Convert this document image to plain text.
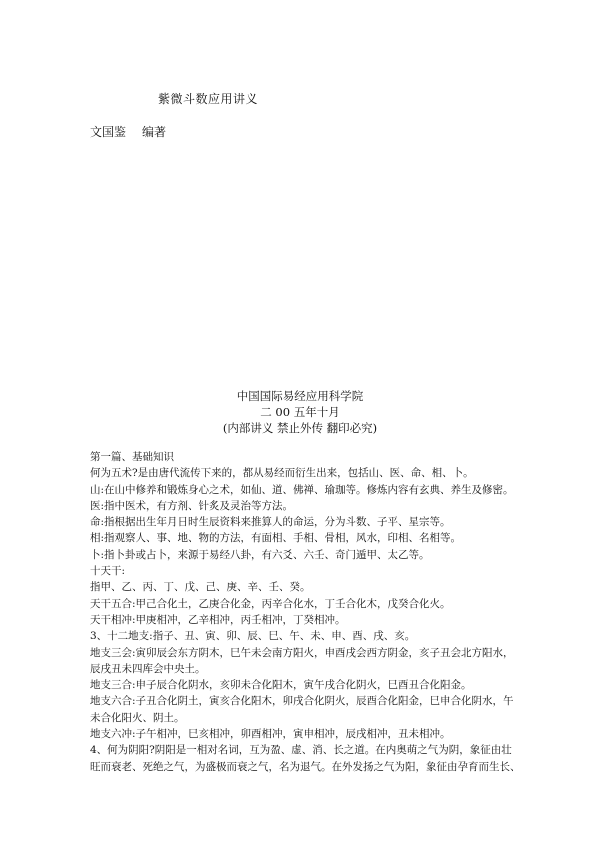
紫微斗数应用讲义
文国鉴 编著
中国国际易经应用科学院
二 00 五年十月
(内部讲义 禁止外传 翻印必究)
第一篇、基础知识
何为五术?是由唐代流传下来的，都从易经而衍生出来，包括山、医、命、相、卜。
山:在山中修养和锻炼身心之术，如仙、道、佛禅、瑜珈等。修炼内容有玄典、养生及修密。
医:指中医术，有方剂、针炙及灵治等方法。
命:指根据出生年月日时生辰资料来推算人的命运，分为斗数、子平、星宗等。
相:指观察人、事、地、物的方法，有面相、手相、骨相，风水，印相、名相等。
卜:指卜卦或占卜，来源于易经八卦，有六爻、六壬、奇门遁甲、太乙等。
十天干:
指甲、乙、丙、丁、戊、己、庚、辛、壬、癸。
天干五合:甲己合化土，乙庚合化金，丙辛合化水，丁壬合化木，戊癸合化火。
天干相冲:甲庚相冲，乙辛相冲，丙壬相冲，丁癸相冲。
3、十二地支:指子、丑、寅、卯、辰、巳、午、未、申、酉、戌、亥。
地支三会:寅卯辰会东方阴木，巳午未会南方阳火，申酉戌会西方阴金，亥子丑会北方阳水，
辰戌丑未四库会中央土。
地支三合:申子辰合化阴水，亥卯未合化阳木，寅午戌合化阴火，巳酉丑合化阳金。
地支六合:子丑合化阴土，寅亥合化阳木，卯戌合化阴火，辰酉合化阳金，巳申合化阴水，午
未合化阳火、阴土。
地支六冲:子午相冲，巳亥相冲，卯酉相冲，寅申相冲，辰戌相冲，丑未相冲。
4、何为阴阳?阴阳是一相对名词，互为盈、虚、消、长之道。在内奥萌之气为阴，象征由壮
旺而衰老、死绝之气，为盛极而衰之气，名为退气。在外发扬之气为阳，象征由孕育而生长、
